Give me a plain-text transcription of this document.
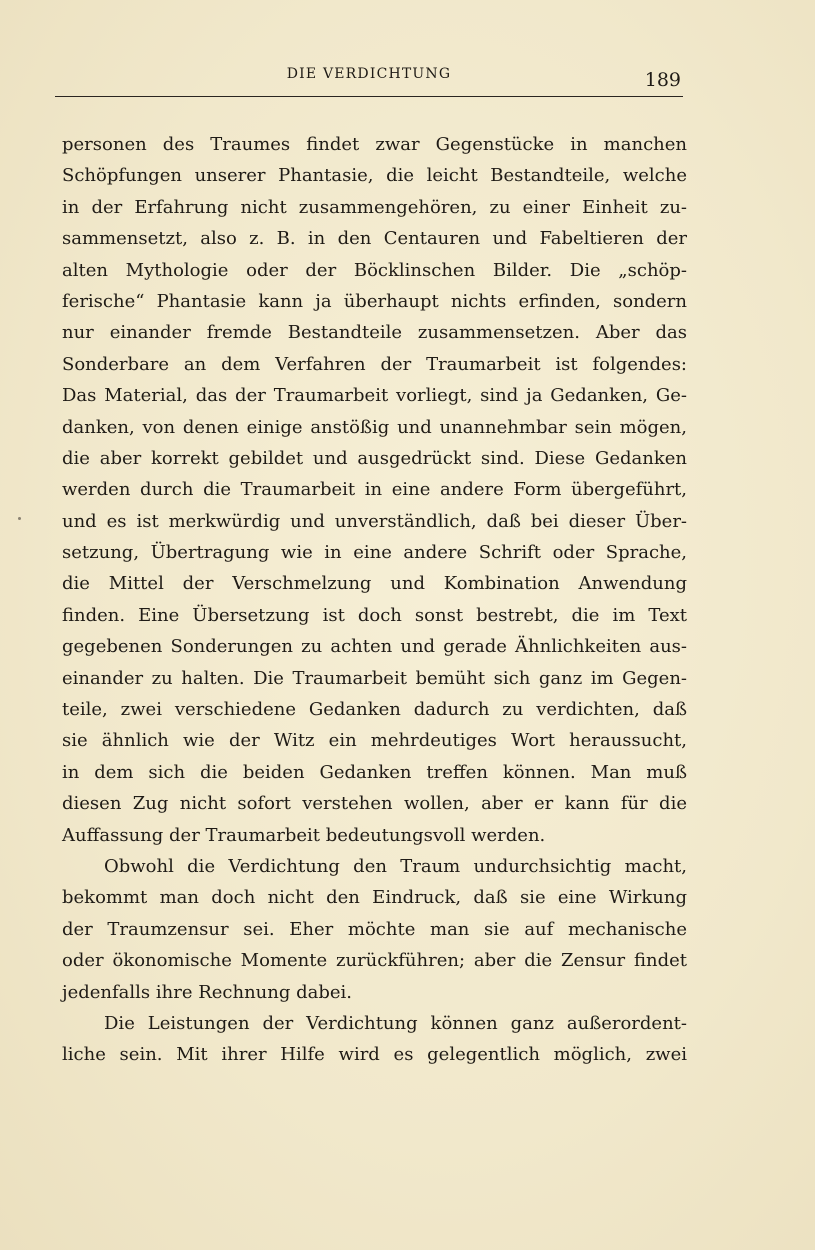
DIE VERDICHTUNG	189
personen des Traumes findet zwar Gegenstücke in manchen
Schöpfungen unserer Phantasie, die leicht Bestandteile, welche
in der Erfahrung nicht zusammengehören, zu einer Einheit zu-
sammensetzt, also z. B. in den Centauren und Fabeltieren der
alten Mythologie oder der Böcklinschen Bilder. Die „schöp-
ferische“ Phantasie kann ja überhaupt nichts erfinden, sondern
nur einander fremde Bestandteile zusammensetzen. Aber das
Sonderbare an dem Verfahren der Traumarbeit ist folgendes:
Das Material, das der Traumarbeit vorliegt, sind ja Gedanken, Ge-
danken, von denen einige anstößig und unannehmbar sein mögen,
die aber korrekt gebildet und ausgedrückt sind. Diese Gedanken
werden durch die Traumarbeit in eine andere Form übergeführt,
und es ist merkwürdig und unverständlich, daß bei dieser Über-
setzung, Übertragung wie in eine andere Schrift oder Sprache,
die Mittel der Verschmelzung und Kombination Anwendung
finden. Eine Übersetzung ist doch sonst bestrebt, die im Text
gegebenen Sonderungen zu achten und gerade Ähnlichkeiten aus-
einander zu halten. Die Traumarbeit bemüht sich ganz im Gegen-
teile, zwei verschiedene Gedanken dadurch zu verdichten, daß
sie ähnlich wie der Witz ein mehrdeutiges Wort heraussucht,
in dem sich die beiden Gedanken treffen können. Man muß
diesen Zug nicht sofort verstehen wollen, aber er kann für die
Auffassung der Traumarbeit bedeutungsvoll werden.
Obwohl die Verdichtung den Traum undurchsichtig macht,
bekommt man doch nicht den Eindruck, daß sie eine Wirkung
der Traumzensur sei. Eher möchte man sie auf mechanische
oder ökonomische Momente zurückführen; aber die Zensur findet
jedenfalls ihre Rechnung dabei.
Die Leistungen der Verdichtung können ganz außerordent-
liche sein. Mit ihrer Hilfe wird es gelegentlich möglich, zwei
